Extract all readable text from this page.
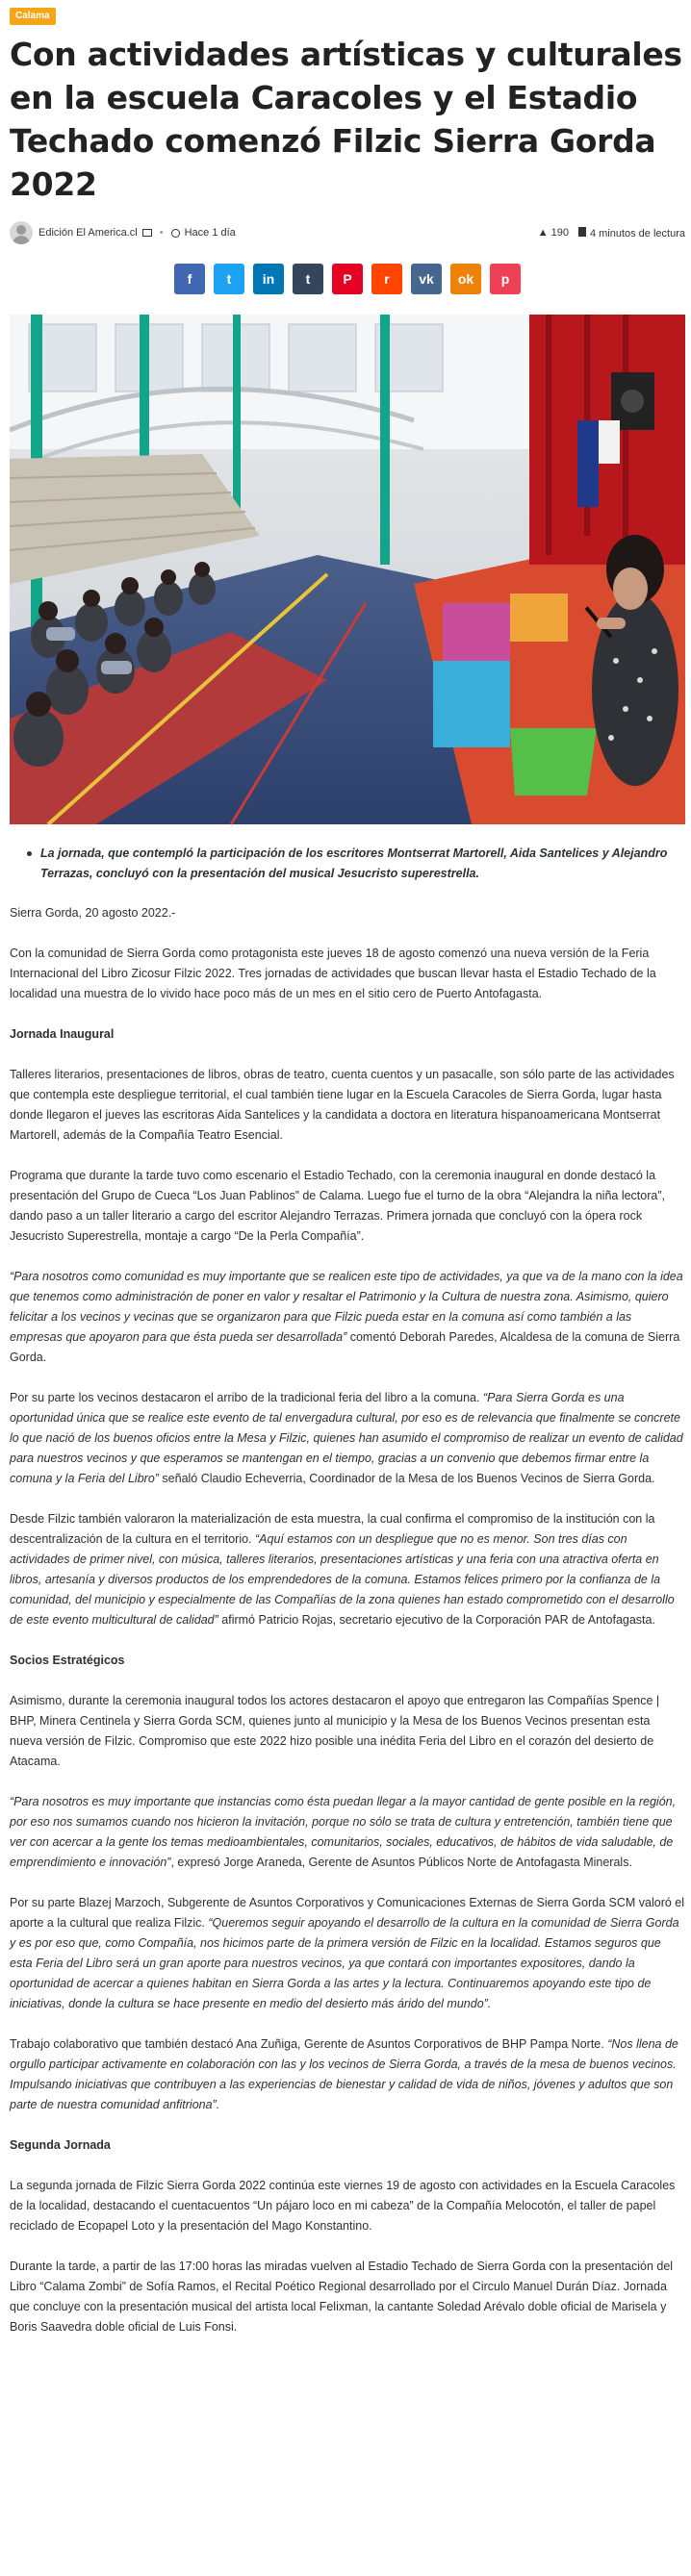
Calama
Con actividades artísticas y culturales en la escuela Caracoles y el Estadio Techado comenzó Filzic Sierra Gorda 2022
Edición El America.cl • Hace 1 día	▲ 190	4 minutos de lectura
f	t in t P r vk ok p

La jornada, que contempló la participación de los escritores Montserrat Martorell, Aida Santelices y Alejandro Terrazas, concluyó con la presentación del musical Jesucristo superestrella.

Sierra Gorda, 20 agosto 2022.-

Con la comunidad de Sierra Gorda como protagonista este jueves 18 de agosto comenzó una nueva versión de la Feria Internacional del Libro Zicosur Filzic 2022. Tres jornadas de actividades que buscan llevar hasta el Estadio Techado de la localidad una muestra de lo vivido hace poco más de un mes en el sitio cero de Puerto Antofagasta.

Jornada Inaugural

Talleres literarios, presentaciones de libros, obras de teatro, cuenta cuentos y un pasacalle, son sólo parte de las actividades que contempla este despliegue territorial, el cual también tiene lugar en la Escuela Caracoles de Sierra Gorda, lugar hasta donde llegaron el jueves las escritoras Aida Santelices y la candidata a doctora en literatura hispanoamericana Montserrat Martorell, además de la Compañía Teatro Esencial.

Programa que durante la tarde tuvo como escenario el Estadio Techado, con la ceremonia inaugural en donde destacó la presentación del Grupo de Cueca “Los Juan Pablinos” de Calama. Luego fue el turno de la obra “Alejandra la niña lectora”, dando paso a un taller literario a cargo del escritor Alejandro Terrazas. Primera jornada que concluyó con la ópera rock Jesucristo Superestrella, montaje a cargo “De la Perla Compañía”.

“Para nosotros como comunidad es muy importante que se realicen este tipo de actividades, ya que va de la mano con la idea que tenemos como administración de poner en valor y resaltar el Patrimonio y la Cultura de nuestra zona. Asimismo, quiero felicitar a los vecinos y vecinas que se organizaron para que Filzic pueda estar en la comuna así como también a las empresas que apoyaron para que ésta pueda ser desarrollada” comentó Deborah Paredes, Alcaldesa de la comuna de Sierra Gorda.

Por su parte los vecinos destacaron el arribo de la tradicional feria del libro a la comuna. “Para Sierra Gorda es una oportunidad única que se realice este evento de tal envergadura cultural, por eso es de relevancia que finalmente se concrete lo que nació de los buenos oficios entre la Mesa y Filzic, quienes han asumido el compromiso de realizar un evento de calidad para nuestros vecinos y que esperamos se mantengan en el tiempo, gracias a un convenio que debemos firmar entre la comuna y la Feria del Libro” señaló Claudio Echeverria, Coordinador de la Mesa de los Buenos Vecinos de Sierra Gorda.

Desde Filzic también valoraron la materialización de esta muestra, la cual confirma el compromiso de la institución con la descentralización de la cultura en el territorio. “Aquí estamos con un despliegue que no es menor. Son tres días con actividades de primer nivel, con música, talleres literarios, presentaciones artísticas y una feria con una atractiva oferta en libros, artesanía y diversos productos de los emprendedores de la comuna. Estamos felices primero por la confianza de la comunidad, del municipio y especialmente de las Compañías de la zona quienes han estado comprometido con el desarrollo de este evento multicultural de calidad” afirmó Patricio Rojas, secretario ejecutivo de la Corporación PAR de Antofagasta.

Socios Estratégicos

Asimismo, durante la ceremonia inaugural todos los actores destacaron el apoyo que entregaron las Compañías Spence | BHP, Minera Centinela y Sierra Gorda SCM, quienes junto al municipio y la Mesa de los Buenos Vecinos presentan esta nueva versión de Filzic. Compromiso que este 2022 hizo posible una inédita Feria del Libro en el corazón del desierto de Atacama.

“Para nosotros es muy importante que instancias como ésta puedan llegar a la mayor cantidad de gente posible en la región, por eso nos sumamos cuando nos hicieron la invitación, porque no sólo se trata de cultura y entretención, también tiene que ver con acercar a la gente los temas medioambientales, comunitarios, sociales, educativos, de hábitos de vida saludable, de emprendimiento e innovación”, expresó Jorge Araneda, Gerente de Asuntos Públicos Norte de Antofagasta Minerals.

Por su parte Blazej Marzoch, Subgerente de Asuntos Corporativos y Comunicaciones Externas de Sierra Gorda SCM valoró el aporte a la cultural que realiza Filzic. “Queremos seguir apoyando el desarrollo de la cultura en la comunidad de Sierra Gorda y es por eso que, como Compañía, nos hicimos parte de la primera versión de Filzic en la localidad. Estamos seguros que esta Feria del Libro será un gran aporte para nuestros vecinos, ya que contará con importantes expositores, dando la oportunidad de acercar a quienes habitan en Sierra Gorda a las artes y la lectura. Continuaremos apoyando este tipo de iniciativas, donde la cultura se hace presente en medio del desierto más árido del mundo”.

Trabajo colaborativo que también destacó Ana Zuñiga, Gerente de Asuntos Corporativos de BHP Pampa Norte. “Nos llena de orgullo participar activamente en colaboración con las y los vecinos de Sierra Gorda, a través de la mesa de buenos vecinos. Impulsando iniciativas que contribuyen a las experiencias de bienestar y calidad de vida de niños, jóvenes y adultos que son parte de nuestra comunidad anfitriona”.

Segunda Jornada

La segunda jornada de Filzic Sierra Gorda 2022 continúa este viernes 19 de agosto con actividades en la Escuela Caracoles de la localidad, destacando el cuentacuentos “Un pájaro loco en mi cabeza” de la Compañía Melocotón, el taller de papel reciclado de Ecopapel Loto y la presentación del Mago Konstantino.

Durante la tarde, a partir de las 17:00 horas las miradas vuelven al Estadio Techado de Sierra Gorda con la presentación del Libro “Calama Zombi” de Sofía Ramos, el Recital Poético Regional desarrollado por el Circulo Manuel Durán Díaz. Jornada que concluye con la presentación musical del artista local Felixman, la cantante Soledad Arévalo doble oficial de Marisela y Boris Saavedra doble oficial de Luis Fonsi.
